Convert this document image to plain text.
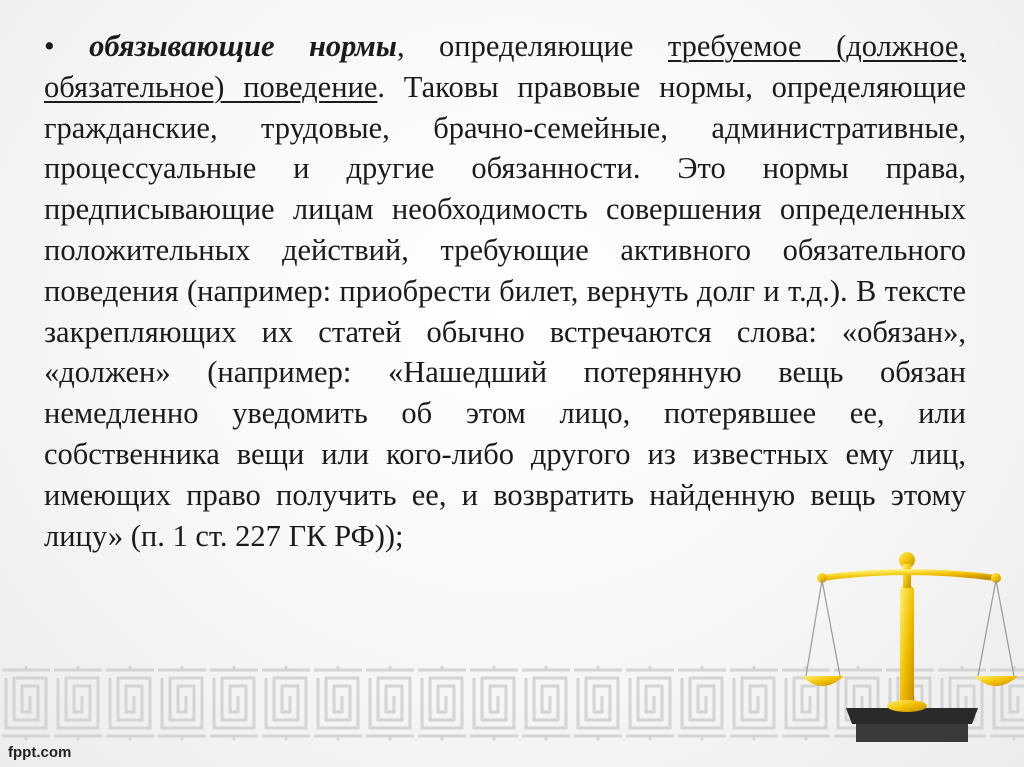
• обязывающие нормы, определяющие требуемое (должное, обязательное) поведение. Таковы правовые нормы, определяющие гражданские, трудовые, брачно-семейные, административные, процессуальные и другие обязанности. Это нормы права, предписывающие лицам необходимость совершения определенных положительных действий, требующие активного обязательного поведения (например: приобрести билет, вернуть долг и т.д.). В тексте закрепляющих их статей обычно встречаются слова: «обязан», «должен» (например: «Нашедший потерянную вещь обязан немедленно уведомить об этом лицо, потерявшее ее, или собственника вещи или кого-либо другого из известных ему лиц, имеющих право получить ее, и возвратить найденную вещь этому лицу» (п. 1 ст. 227 ГК РФ));

fppt.com
